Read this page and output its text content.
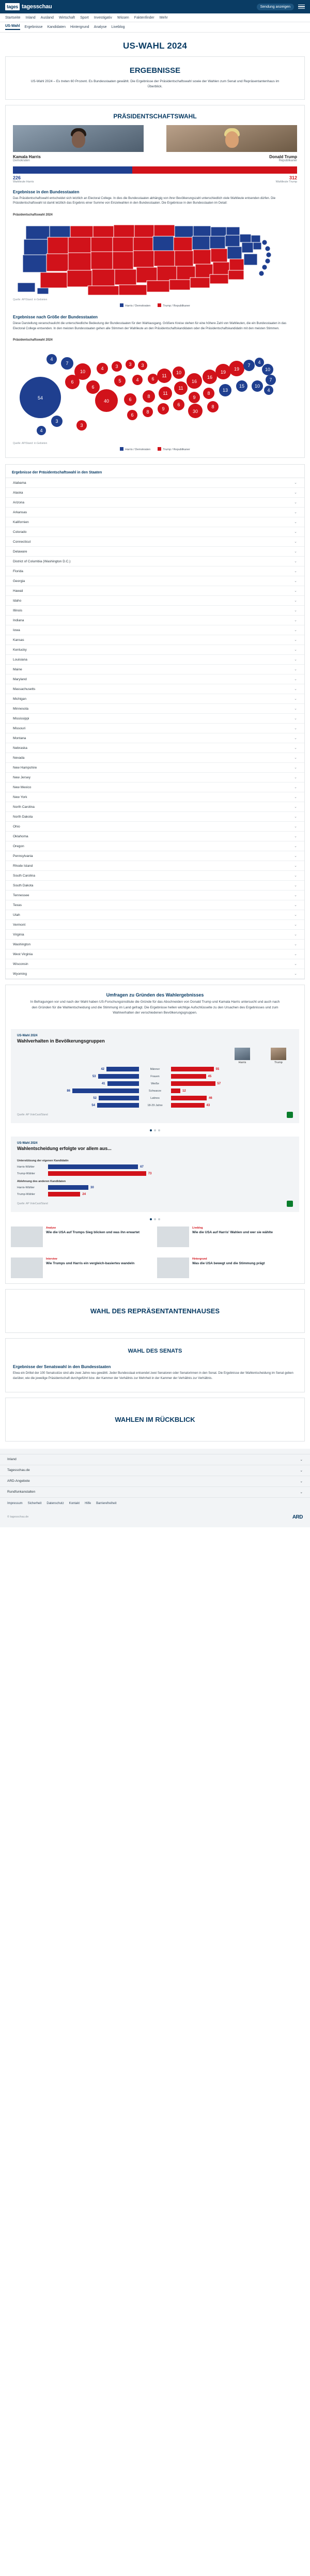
tages tagesschau	Sendung anzeigen
Startseite Inland Ausland Wirtschaft Sport Investigativ Wissen Faktenfinder Mehr
US-Wahl Ergebnisse Kandidaten Hintergrund Analyse Liveblog
US-WAHL 2024
ERGEBNISSE
US-Wahl 2024 – Es treten 60 Prozent. Es Bundesstaaten gewählt. Die Ergebnisse der Präsidentschaftswahl sowie der Wahlen zum Senat und Repräsentantenhaus im Überblick.
PRÄSIDENTSCHAFTSWAHL
Kamala Harris
Demokraten
Donald Trump
Republikaner
226	312
Wahlleute Harris	Wahlleute Trump
Ergebnisse in den Bundesstaaten
Das Präsidentschaftswahl entscheidet sich letztlich an Electoral College. In dies die Bundesstaaten abhängig von ihrer Bevölkerungszahl unterschiedlich viele Wahlleute entsenden dürfen. Die Präsidentschaftswahl ist damit letztlich das Ergebnis einer Summe von Einzelwahlen in den Bundesstaaten. Die Ergebnisse in den Bundesstaaten im Detail:
Präsidentschaftswahl 2024
Quelle: AP/Stand: in Gebieten
Harris / Demokraten	Trump / Republikaner
Ergebnisse nach Größe der Bundesstaaten
Diese Darstellung veranschaulicht die unterschiedliche Bedeutung der Bundesstaaten für den Wahlausgang. Größere Kreise stehen für eine höhere Zahl von Wahlleuten, die ein Bundesstaaten in das Electoral College entsenden. In den meisten Bundesstaaten gehen alle Stimmen der Wahlleute an den Präsidentschaftskandidaten oder die Präsidentschaftskandidatin mit den meisten Stimmen.
Präsidentschaftswahl 2024
54
10
7
4
6
6
4	3 3 3
5	4	6
40	6
8
11
11
10
11
16
16
19
19
7
4
10
7
4
10
15
13
8
9
6
9
8
6
30
8
3
3
4
Quelle: AP/Stand: in Gebieten
Harris / Demokraten	Trump / Republikaner
Ergebnisse der Präsidentschaftswahl in den Staaten
Alabama	⌄
Alaska	⌄
Arizona	⌄
Arkansas	⌄
Kalifornien	⌄
Colorado	⌄
Connecticut	⌄
Delaware	⌄
District of Columbia (Washington D.C.)	⌄
Florida	⌄
Georgia	⌄
Hawaii	⌄
Idaho	⌄
Illinois	⌄
Indiana	⌄
Iowa	⌄
Kansas	⌄
Kentucky	⌄
Louisiana	⌄
Maine	⌄
Maryland	⌄
Massachusetts	⌄
Michigan	⌄
Minnesota	⌄
Mississippi	⌄
Missouri	⌄
Montana	⌄
Nebraska	⌄
Nevada	⌄
New Hampshire	⌄
New Jersey	⌄
New Mexico	⌄
New York	⌄
North Carolina	⌄
North Dakota	⌄
Ohio	⌄
Oklahoma	⌄
Oregon	⌄
Pennsylvania	⌄
Rhode Island	⌄
South Carolina	⌄
South Dakota	⌄
Tennessee	⌄
Texas	⌄
Utah	⌄
Vermont	⌄
Virginia	⌄
Washington	⌄
West Virginia	⌄
Wisconsin	⌄
Wyoming	⌄
Umfragen zu Gründen des Wahlergebnisses
In Befragungen vor und nach der Wahl haben US-Forschungsinstitute die Gründe für das Abschneiden von Donald Trump und Kamala Harris untersucht und auch nach den Gründen für die Wahlentscheidung und die Stimmung im Land gefragt. Die Ergebnisse hellen wichtige Aufschlüsselte zu den Ursachen des Ergebnisses und zum Wahlverhalten der verschiedenen Bevölkerungsgruppen.
US-Wahl 2024
Wahlverhalten in Bevölkerungsgruppen
Harris	Trump
42	Männer	55
53	Frauen	45
41	Weiße	57
86	Schwarze	12
52	Latinos	46
54	18-29 Jahre	43
Quelle: AP VoteCast/Stand
US-Wahl 2024
Wahlentscheidung erfolgte vor allem aus...
Unterstützung der eigenen Kandidatin
Harris-Wähler	67
Trump-Wähler	73
Ablehnung des anderen Kandidaten
Harris-Wähler	30
Trump-Wähler	24
Quelle: AP VoteCast/Stand
Analyse
Wie die USA auf Trumps Sieg blicken und was ihn erwartet
Liveblog
Wie die USA auf Harris' Wahlen und wer sie wählte
Interview
Wie Trumps und Harris ein vergleich-basiertes wandeln
Hintergrund
Was die USA bewegt und die Stimmung prägt
WAHL DES REPRÄSENTANTENHAUSES
WAHL DES SENATS
Ergebnisse der Senatswahl in den Bundesstaaten
Etwa ein Drittel der 100 Senatssitze sind alle zwei Jahre neu gewählt. Jeder Bundesstaat entsendet zwei Senatoren oder Senatorinnen in den Senat. Die Ergebnisse der Wahlentscheidung im Senat geben darüber, wie die jeweilige Präsidentschaft durchgeführt bzw. der Kammer der Verhältnis zur Mehrheit in der Kammer der Verhältnis zur Verhältnis.
WAHLEN IM RÜCKBLICK
Inland	⌄
Tagesschau.de	⌄
ARD-Angebote	⌄
Rundfunkanstalten	⌄
Impressum Sicherheit Datenschutz Kontakt Hilfe Barrierefreiheit
© tagesschau.de	ARD
